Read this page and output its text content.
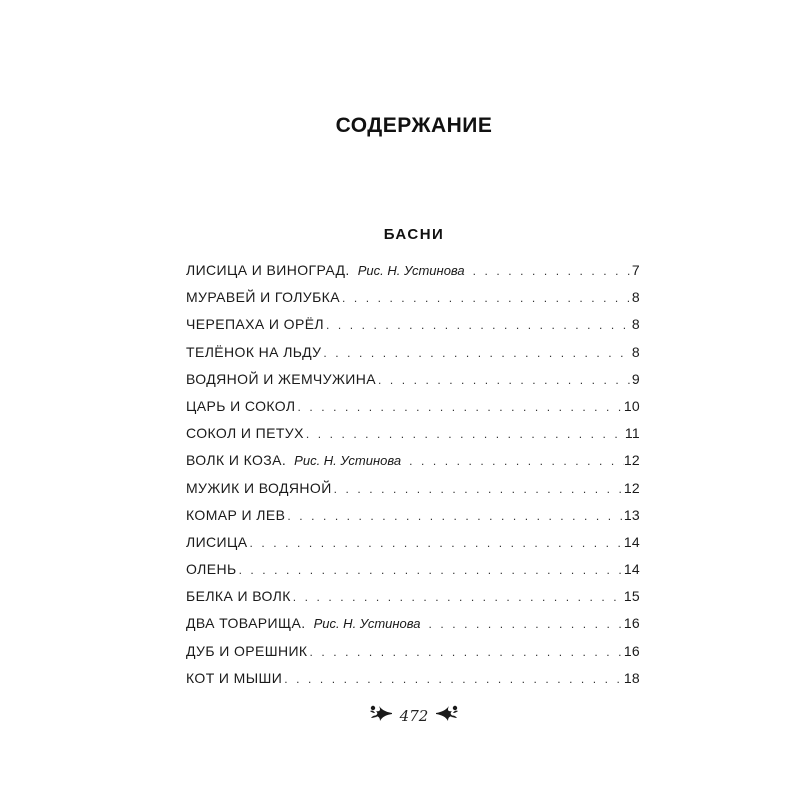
СОДЕРЖАНИЕ
БАСНИ
ЛИСИЦА И ВИНОГРАД. Рис. Н. Устинова . . .	7
МУРАВЕЙ И ГОЛУБКА . . .	8
ЧЕРЕПАХА И ОРЁЛ . . .	8
ТЕЛЁНОК НА ЛЬДУ . . .	8
ВОДЯНОЙ И ЖЕМЧУЖИНА . . .	9
ЦАРЬ И СОКОЛ . . .	10
СОКОЛ И ПЕТУХ . . .	11
ВОЛК И КОЗА. Рис. Н. Устинова . . .	12
МУЖИК И ВОДЯНОЙ . . .	12
КОМАР И ЛЕВ . . .	13
ЛИСИЦА . . .	14
ОЛЕНЬ . . .	14
БЕЛКА И ВОЛК . . .	15
ДВА ТОВАРИЩА. Рис. Н. Устинова . . .	16
ДУБ И ОРЕШНИК . . .	16
КОТ И МЫШИ . . .	18
472
